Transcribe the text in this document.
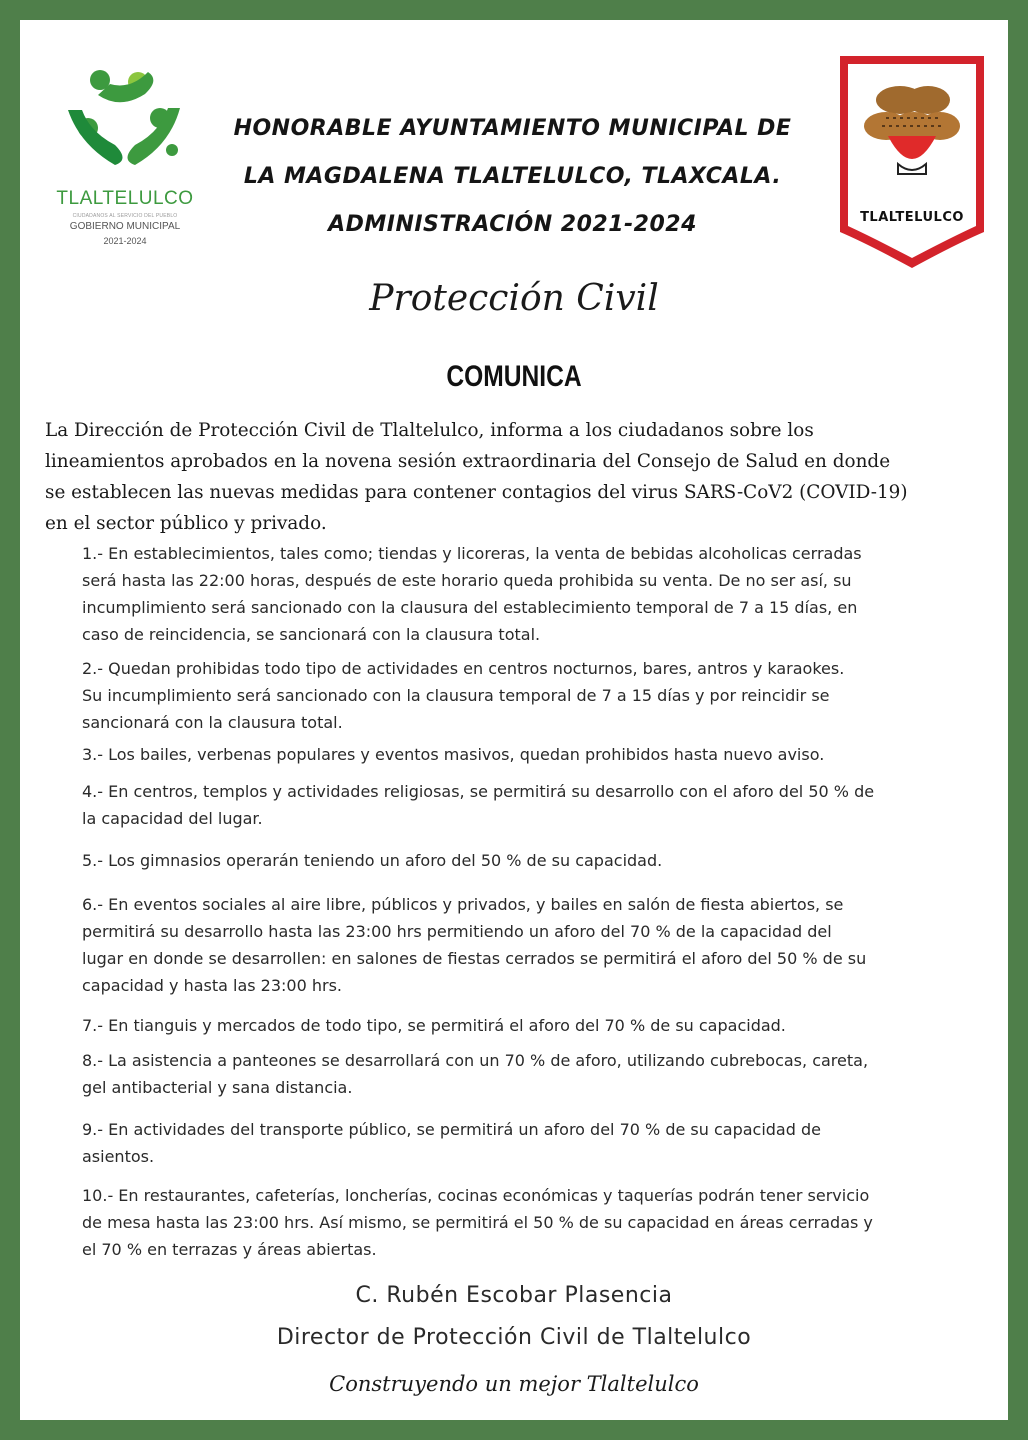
TLALTELULCO
CIUDADANOS AL SERVICIO DEL PUEBLO
GOBIERNO MUNICIPAL
2021-2024
HONORABLE AYUNTAMIENTO MUNICIPAL DE
LA MAGDALENA TLALTELULCO, TLAXCALA.
ADMINISTRACIÓN 2021-2024	TLALTELULCO
Protección Civil
COMUNICA
La Dirección de Protección Civil de Tlaltelulco, informa a los ciudadanos sobre los
lineamientos aprobados en la novena sesión extraordinaria del Consejo de Salud en donde
se establecen las nuevas medidas para contener contagios del virus SARS-CoV2 (COVID-19)
en el sector público y privado.
1.- En establecimientos, tales como; tiendas y licoreras, la venta de bebidas alcoholicas cerradas
será hasta las 22:00 horas, después de este horario queda prohibida su venta. De no ser así, su
incumplimiento será sancionado con la clausura del establecimiento temporal de 7 a 15 días, en
caso de reincidencia, se sancionará con la clausura total.
2.- Quedan prohibidas todo tipo de actividades en centros nocturnos, bares, antros y karaokes.
Su incumplimiento será sancionado con la clausura temporal de 7 a 15 días y por reincidir se
sancionará con la clausura total.
3.- Los bailes, verbenas populares y eventos masivos, quedan prohibidos hasta nuevo aviso.
4.- En centros, templos y actividades religiosas, se permitirá su desarrollo con el aforo del 50 % de
la capacidad del lugar.
5.- Los gimnasios operarán teniendo un aforo del 50 % de su capacidad.
6.- En eventos sociales al aire libre, públicos y privados, y bailes en salón de fiesta abiertos, se
permitirá su desarrollo hasta las 23:00 hrs permitiendo un aforo del 70 % de la capacidad del
lugar en donde se desarrollen: en salones de fiestas cerrados se permitirá el aforo del 50 % de su
capacidad y hasta las 23:00 hrs.
7.- En tianguis y mercados de todo tipo, se permitirá el aforo del 70 % de su capacidad.
8.- La asistencia a panteones se desarrollará con un 70 % de aforo, utilizando cubrebocas, careta,
gel antibacterial y sana distancia.
9.- En actividades del transporte público, se permitirá un aforo del 70 % de su capacidad de
asientos.
10.- En restaurantes, cafeterías, loncherías, cocinas económicas y taquerías podrán tener servicio
de mesa hasta las 23:00 hrs. Así mismo, se permitirá el 50 % de su capacidad en áreas cerradas y
el 70 % en terrazas y áreas abiertas.
C. Rubén Escobar Plasencia
Director de Protección Civil de Tlaltelulco
Construyendo un mejor Tlaltelulco
